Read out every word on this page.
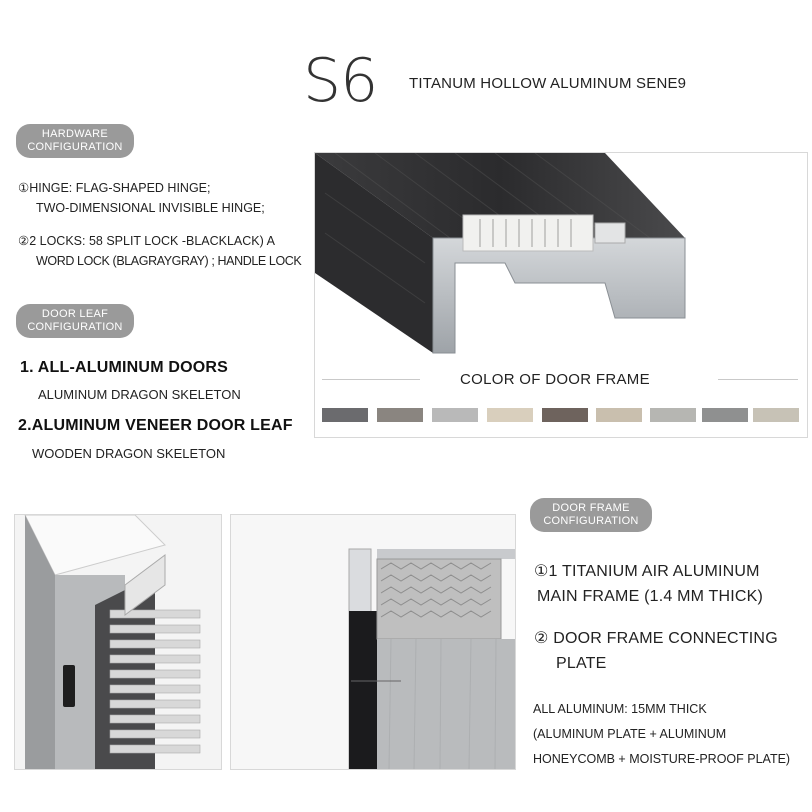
S6 TITANUM HOLLOW ALUMINUM SENE9
HARDWARE
CONFIGURATION
①HINGE: FLAG-SHAPED HINGE;
TWO-DIMENSIONAL INVISIBLE HINGE;
②2 LOCKS: 58 SPLIT LOCK -BLACKLACK) A
WORD LOCK (BLAGRAYGRAY) ; HANDLE LOCK
DOOR LEAF
CONFIGURATION
1. ALL-ALUMINUM DOORS
ALUMINUM DRAGON SKELETON
2.ALUMINUM VENEER DOOR LEAF
WOODEN DRAGON SKELETON
COLOR OF DOOR FRAME
DOOR FRAME
CONFIGURATION
①1 TITANIUM AIR ALUMINUM
MAIN FRAME (1.4 MM THICK)
② DOOR FRAME CONNECTING
PLATE
ALL ALUMINUM: 15MM THICK
(ALUMINUM PLATE + ALUMINUM
HONEYCOMB + MOISTURE-PROOF PLATE)
